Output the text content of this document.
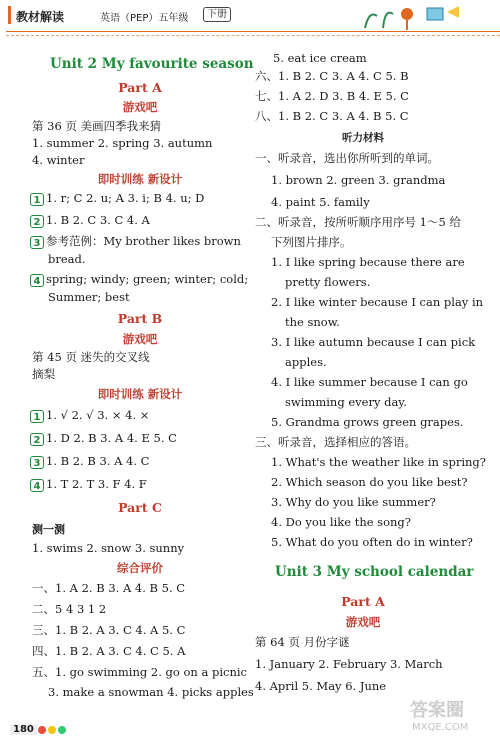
教材解读	英语（PEP）五年级	下册
Unit 2 My favourite season
Part A
游戏吧
第 36 页 美画四季我来猜
1. summer 2. spring 3. autumn
4. winter
即时训练 新设计
1 1. r; C 2. u; A 3. i; B 4. u; D
2 1. B 2. C 3. C 4. A
3 参考范例：My brother likes brown
bread.
4 spring; windy; green; winter; cold;
Summer; best
Part B
游戏吧
第 45 页 迷失的交叉线
摘梨
即时训练 新设计
1 1. √ 2. √ 3. × 4. ×
2 1. D 2. B 3. A 4. E 5. C
3 1. B 2. B 3. A 4. C
4 1. T 2. T 3. F 4. F
Part C
测一测
1. swims 2. snow 3. sunny
综合评价
一、1. A 2. B 3. A 4. B 5. C
二、5 4 3 1 2
三、1. B 2. A 3. C 4. A 5. C
四、1. B 2. A 3. C 4. C 5. A
五、1. go swimming 2. go on a picnic
3. make a snowman 4. picks apples
5. eat ice cream
六、1. B 2. C 3. A 4. C 5. B
七、1. A 2. D 3. B 4. E 5. C
八、1. B 2. C 3. A 4. B 5. C
听力材料
一、听录音，选出你所听到的单词。
1. brown 2. green 3. grandma
4. paint 5. family
二、听录音，按所听顺序用序号 1～5 给
下列图片排序。
1. I like spring because there are
pretty flowers.
2. I like winter because I can play in
the snow.
3. I like autumn because I can pick
apples.
4. I like summer because I can go
swimming every day.
5. Grandma grows green grapes.
三、听录音，选择相应的答语。
1. What's the weather like in spring?
2. Which season do you like best?
3. Why do you like summer?
4. Do you like the song?
5. What do you often do in winter?
Unit 3 My school calendar
Part A
游戏吧
第 64 页 月份字谜
1. January 2. February 3. March
4. April 5. May 6. June
180
答案圈
MXQE.COM
